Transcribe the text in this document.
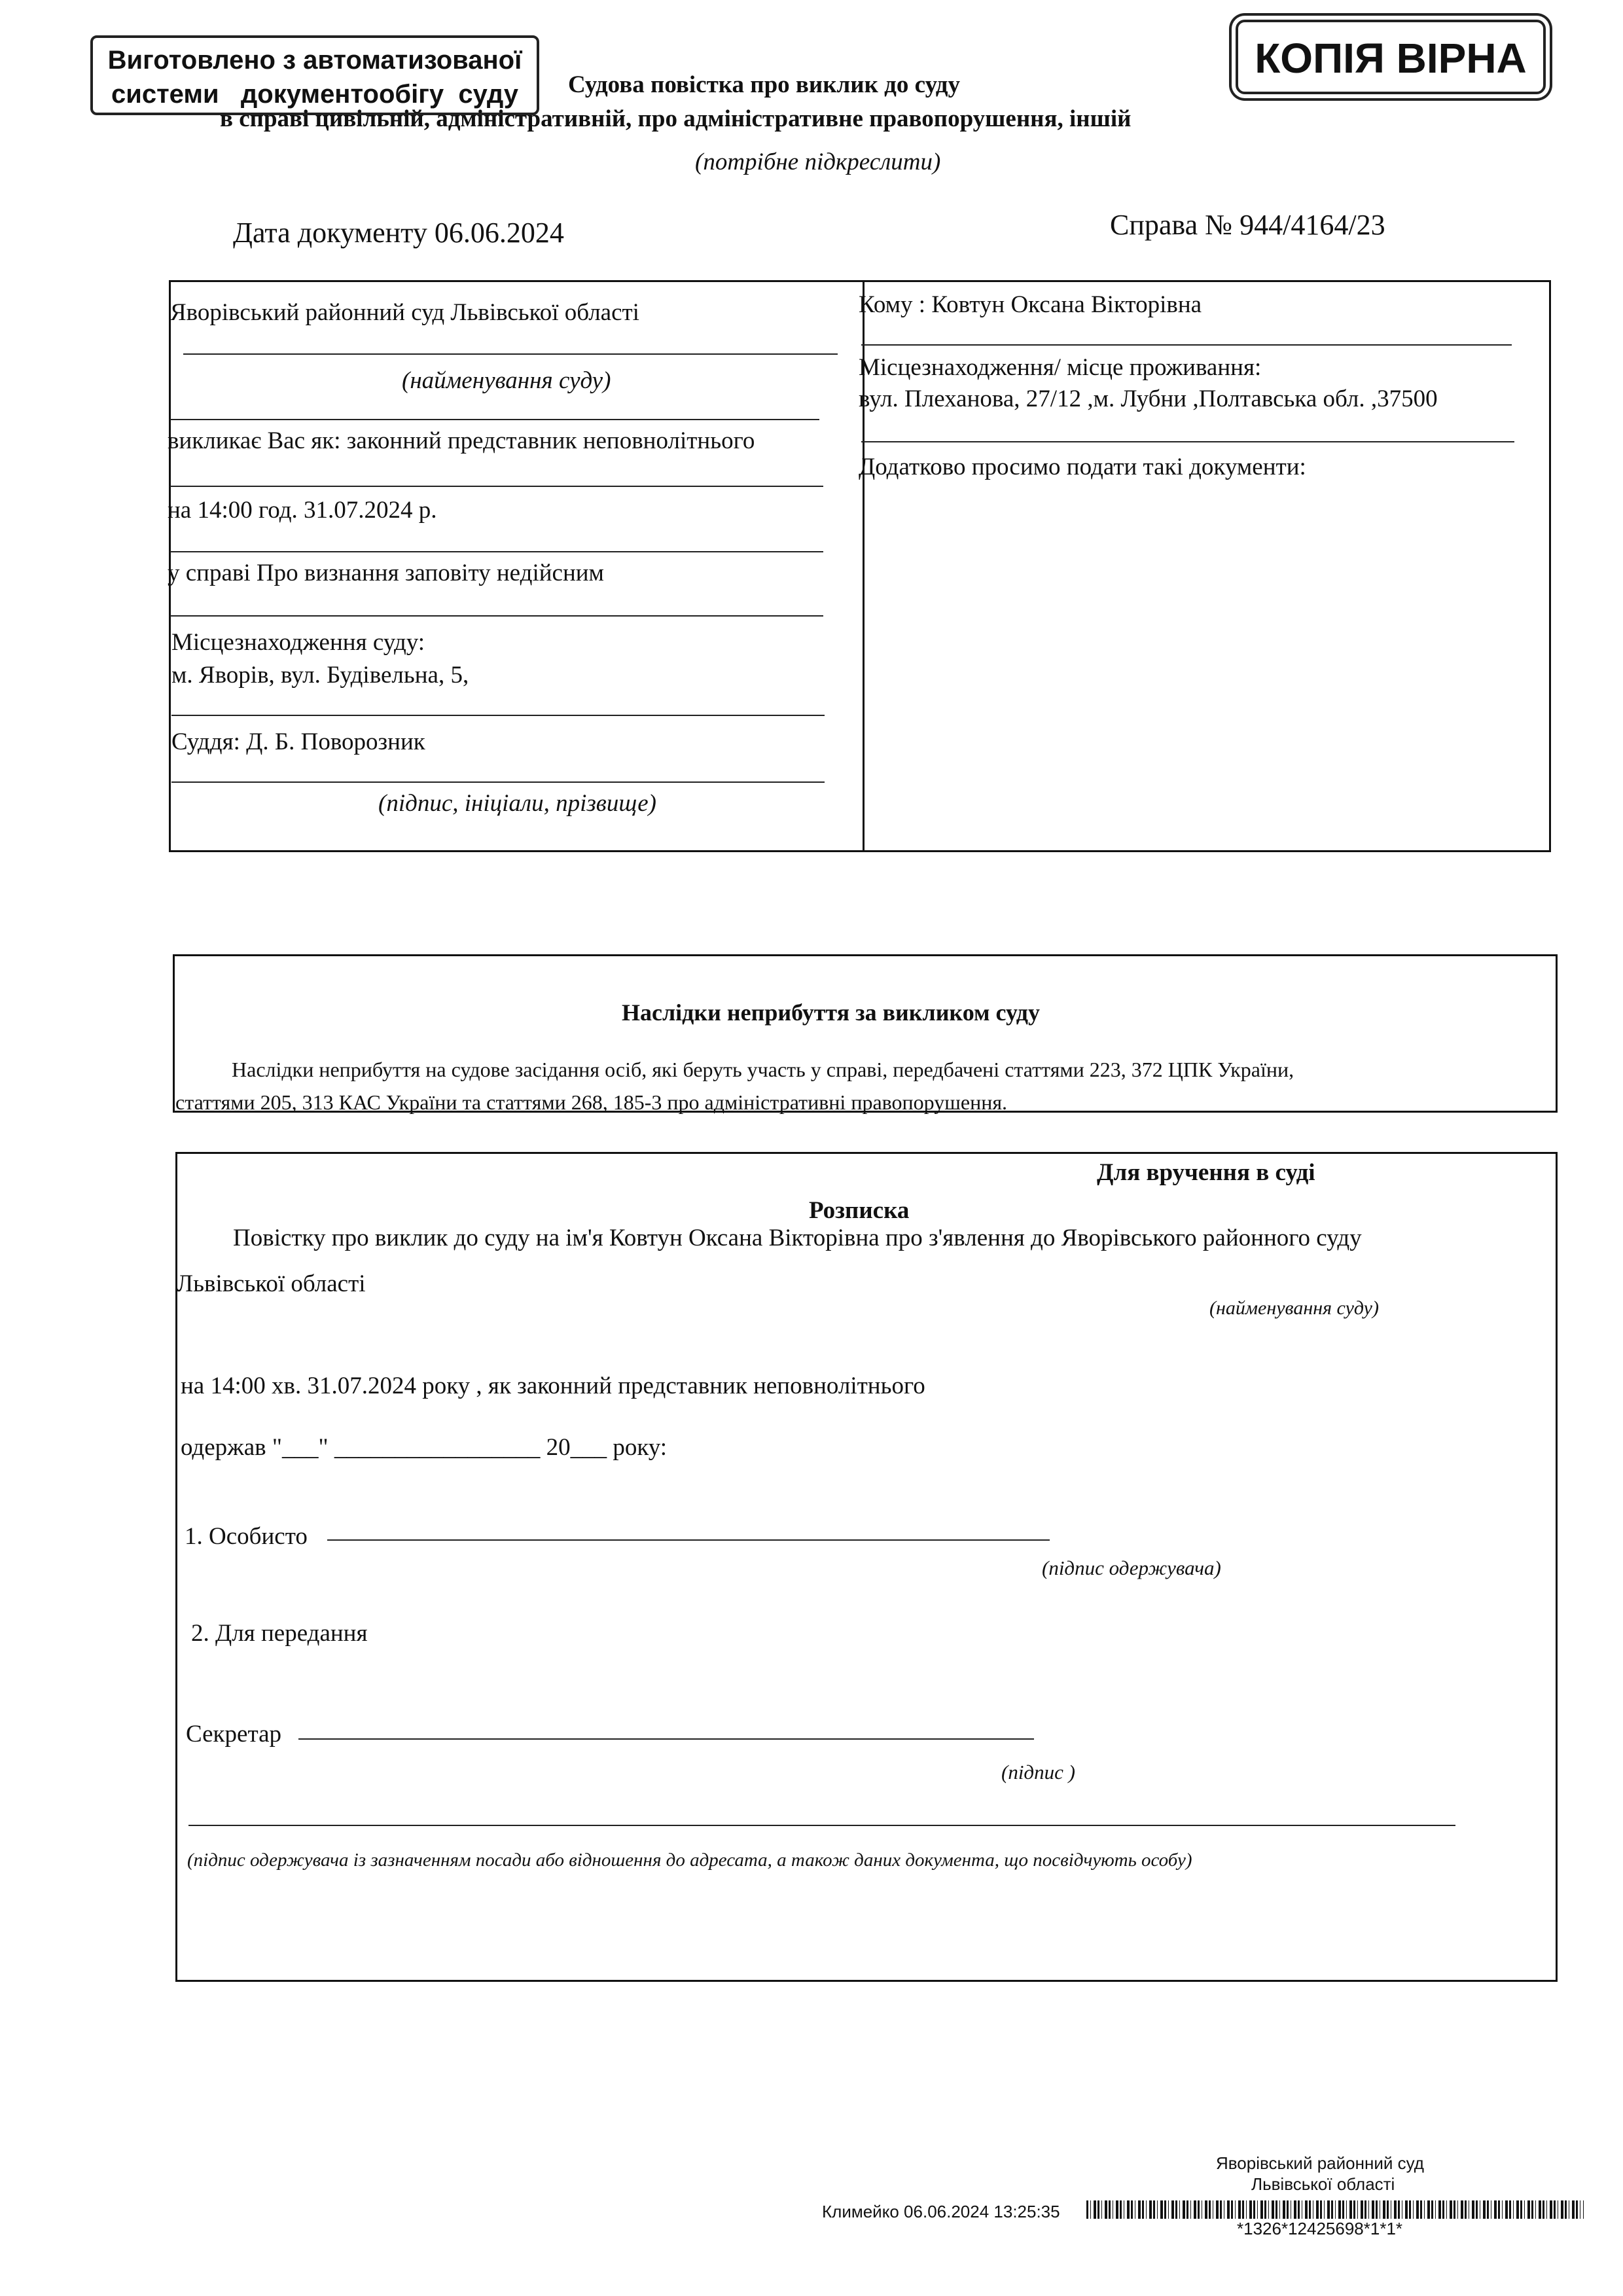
Виготовлено з автоматизованої
системи   документообігу  суду
КОПІЯ ВІРНА
Судова повістка про виклик до суду
в справі цивільній, адміністративній, про адміністративне правопорушення, іншій
(потрібне підкреслити)
Дата документу 06.06.2024	Справа № 944/4164/23
Яворівський районний суд Львівської області
(найменування суду)
викликає Вас як: законний представник неповнолітнього
на 14:00 год. 31.07.2024 р.
у справі Про визнання заповіту недійсним
Місцезнаходження суду:
м. Яворів, вул. Будівельна, 5,
Суддя: Д. Б. Поворозник
(підпис, ініціали, прізвище)
Кому : Ковтун Оксана Вікторівна
Місцезнаходження/ місце проживання:
вул. Плеханова, 27/12 ,м. Лубни ,Полтавська обл. ,37500
Додатково просимо подати такі документи:
Наслідки неприбуття за викликом суду
Наслідки неприбуття на судове засідання осіб, які беруть участь у справі, передбачені статтями 223, 372 ЦПК України,
статтями 205, 313 КАС України та статтями 268, 185-3 про адміністративні правопорушення.
Для вручення в суді
Розписка
Повістку про виклик до суду на ім'я Ковтун Оксана Вікторівна про з'явлення до Яворівського районного суду
Львівської області
(найменування суду)
на 14:00 хв. 31.07.2024 року , як законний представник неповнолітнього
одержав "___" _________________ 20___ року:
1. Особисто
(підпис одержувача)
2. Для передання
Секретар
(підпис )
(підпис одержувача із зазначенням посади або відношення до адресата, а також даних документа, що посвідчують особу)
Яворівський районний суд
Львівської області
Климейко 06.06.2024 13:25:35
*1326*12425698*1*1*
